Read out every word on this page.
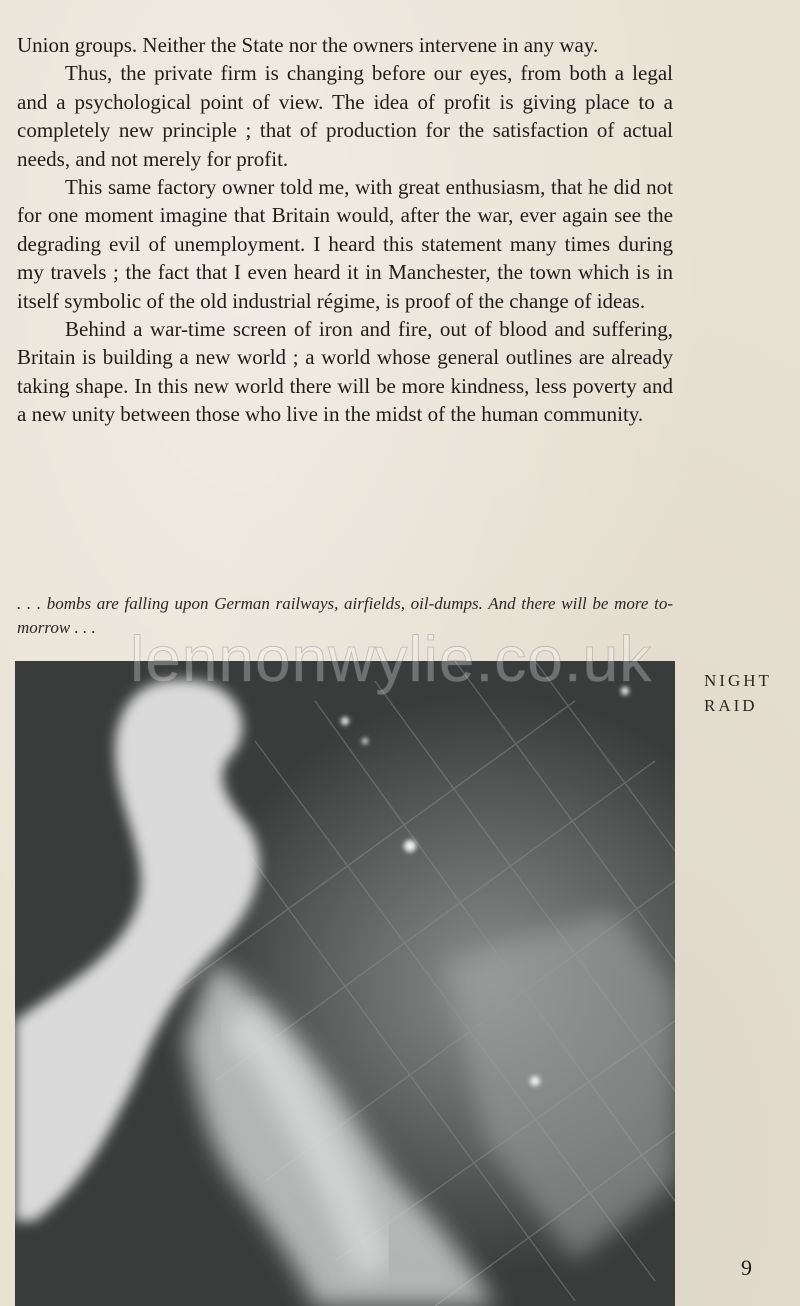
Union groups. Neither the State nor the owners intervene in any way.

Thus, the private firm is changing before our eyes, from both a legal and a psychological point of view. The idea of profit is giving place to a completely new principle ; that of production for the satisfaction of actual needs, and not merely for profit.

This same factory owner told me, with great enthusiasm, that he did not for one moment imagine that Britain would, after the war, ever again see the degrading evil of unemployment. I heard this statement many times during my travels ; the fact that I even heard it in Manchester, the town which is in itself symbolic of the old industrial régime, is proof of the change of ideas.

Behind a war-time screen of iron and fire, out of blood and suffering, Britain is building a new world ; a world whose general outlines are already taking shape. In this new world there will be more kindness, less poverty and a new unity between those who live in the midst of the human community.

. . . bombs are falling upon German railways, airfields, oil-dumps. And there will be more to-morrow . . . lennonwylie.co.uk	NIGHT
RAID
9
